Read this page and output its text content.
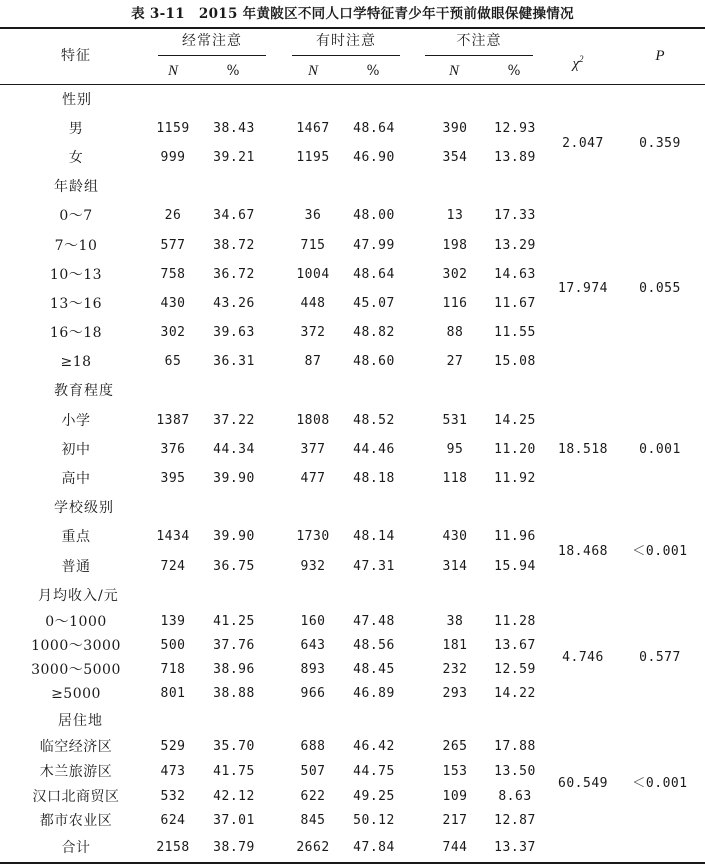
表 3-11 2015 年黄陂区不同人口学特征青少年干预前做眼保健操情况
特征
经常注意	有时注意	不注意
$\chi^2$	P
N	%	N	%	N	%
性别
男	1159 38.43	1467 48.64	390 12.93
女	999 39.21	1195 46.90	354 13.89
2.047	0.359
年龄组
0～7	26 34.67	36 48.00	13 17.33
7～10	577 38.72	715 47.99	198 13.29
10～13	758 36.72	1004 48.64	302 14.63
13～16	430 43.26	448 45.07	116 11.67
16～18	302 39.63	372 48.82	88 11.55
≥18	65 36.31	87 48.60	27 15.08
17.974 0.055
教育程度
小学	1387 37.22	1808 48.52	531 14.25
初中	376 44.34	377 44.46	95 11.20
高中	395 39.90	477 48.18	118 11.92
18.518 0.001
学校级别
重点	1434 39.90	1730 48.14	430 11.96
普通	724 36.75	932 47.31	314 15.94
18.468 ＜0.001
月均收入/元
0～1000	139 41.25	160 47.48	38 11.28
1000～3000	500 37.76	643 48.56	181 13.67
3000～5000	718 38.96	893 48.45	232 12.59
≥5000	801 38.88	966 46.89	293 14.22
4.746	0.577
居住地
临空经济区	529 35.70	688 46.42	265 17.88
木兰旅游区	473 41.75	507 44.75	153 13.50
汉口北商贸区	532 42.12	622 49.25	109 8.63
都市农业区	624 37.01	845 50.12	217 12.87
60.549 ＜0.001
合计	2158 38.79	2662 47.84	744 13.37
